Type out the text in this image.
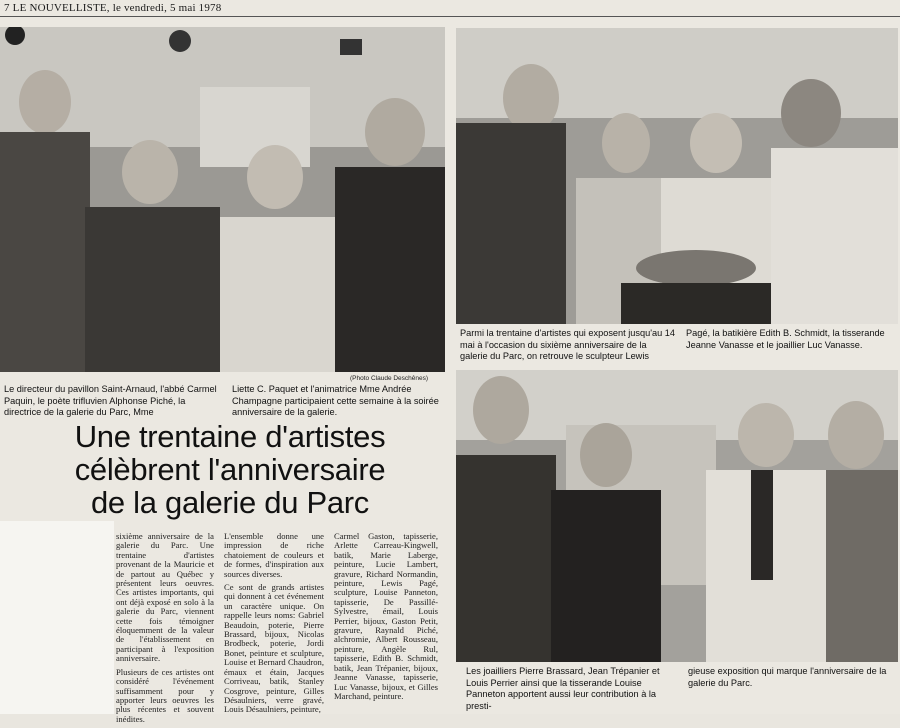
7 LE NOUVELLISTE, le vendredi, 5 mai 1978
(Photo Claude Deschênes)
Le directeur du pavillon Saint-Arnaud, l'abbé Carmel Paquin, le poète trifluvien Alphonse Piché, la directrice de la galerie du Parc, Mme
Liette C. Paquet et l'animatrice Mme Andrée Champagne participaient cette semaine à la soirée anniversaire de la galerie.
Parmi la trentaine d'artistes qui exposent jusqu'au 14 mai à l'occasion du sixième anniversaire de la galerie du Parc, on retrouve le sculpteur Lewis
Pagé, la batikière Edith B. Schmidt, la tisserande Jeanne Vanasse et le joaillier Luc Vanasse.
Une trentaine d'artistes
célèbrent l'anniversaire
de la galerie du Parc

sixième anniversaire de la galerie du Parc. Une trentaine d'artistes provenant de la Mauricie et de partout au Québec y présentent leurs oeuvres. Ces artistes importants, qui ont déjà exposé en solo à la galerie du Parc, viennent cette fois témoigner éloquemment de la valeur de l'établissement en participant à l'exposition anniversaire.

Plusieurs de ces artistes ont considéré l'événement suffisamment pour y apporter leurs oeuvres les plus récentes et souvent inédites.

L'ensemble donne une impression de riche chatoiement de couleurs et de formes, d'inspiration aux sources diverses.

Ce sont de grands artistes qui donnent à cet événement un caractère unique. On rappelle leurs noms: Gabriel Beaudoin, poterie, Pierre Brassard, bijoux, Nicolas Brodbeck, poterie, Jordi Bonet, peinture et sculpture, Louise et Bernard Chaudron, émaux et étain, Jacques Corriveau, batik, Stanley Cosgrove, peinture, Gilles Désaulniers, verre gravé, Louis Désaulniers, peinture,

Carmel Gaston, tapisserie, Arlette Carreau-Kingwell, batik, Marie Laberge, peinture, Lucie Lambert, gravure, Richard Normandin, peinture, Lewis Pagé, sculpture, Louise Panneton, tapisserie, De Passillé-Sylvestre, émail, Louis Perrier, bijoux, Gaston Petit, gravure, Raynald Piché, alchromie, Albert Rousseau, peinture, Angèle Rul, tapisserie, Edith B. Schmidt, batik, Jean Trépanier, bijoux, Jeanne Vanasse, tapisserie, Luc Vanasse, bijoux, et Gilles Marchand, peinture.

Les joailliers Pierre Brassard, Jean Trépanier et Louis Perrier ainsi que la tisserande Louise Panneton apportent aussi leur contribution à la presti-
gieuse exposition qui marque l'anniversaire de la galerie du Parc.
